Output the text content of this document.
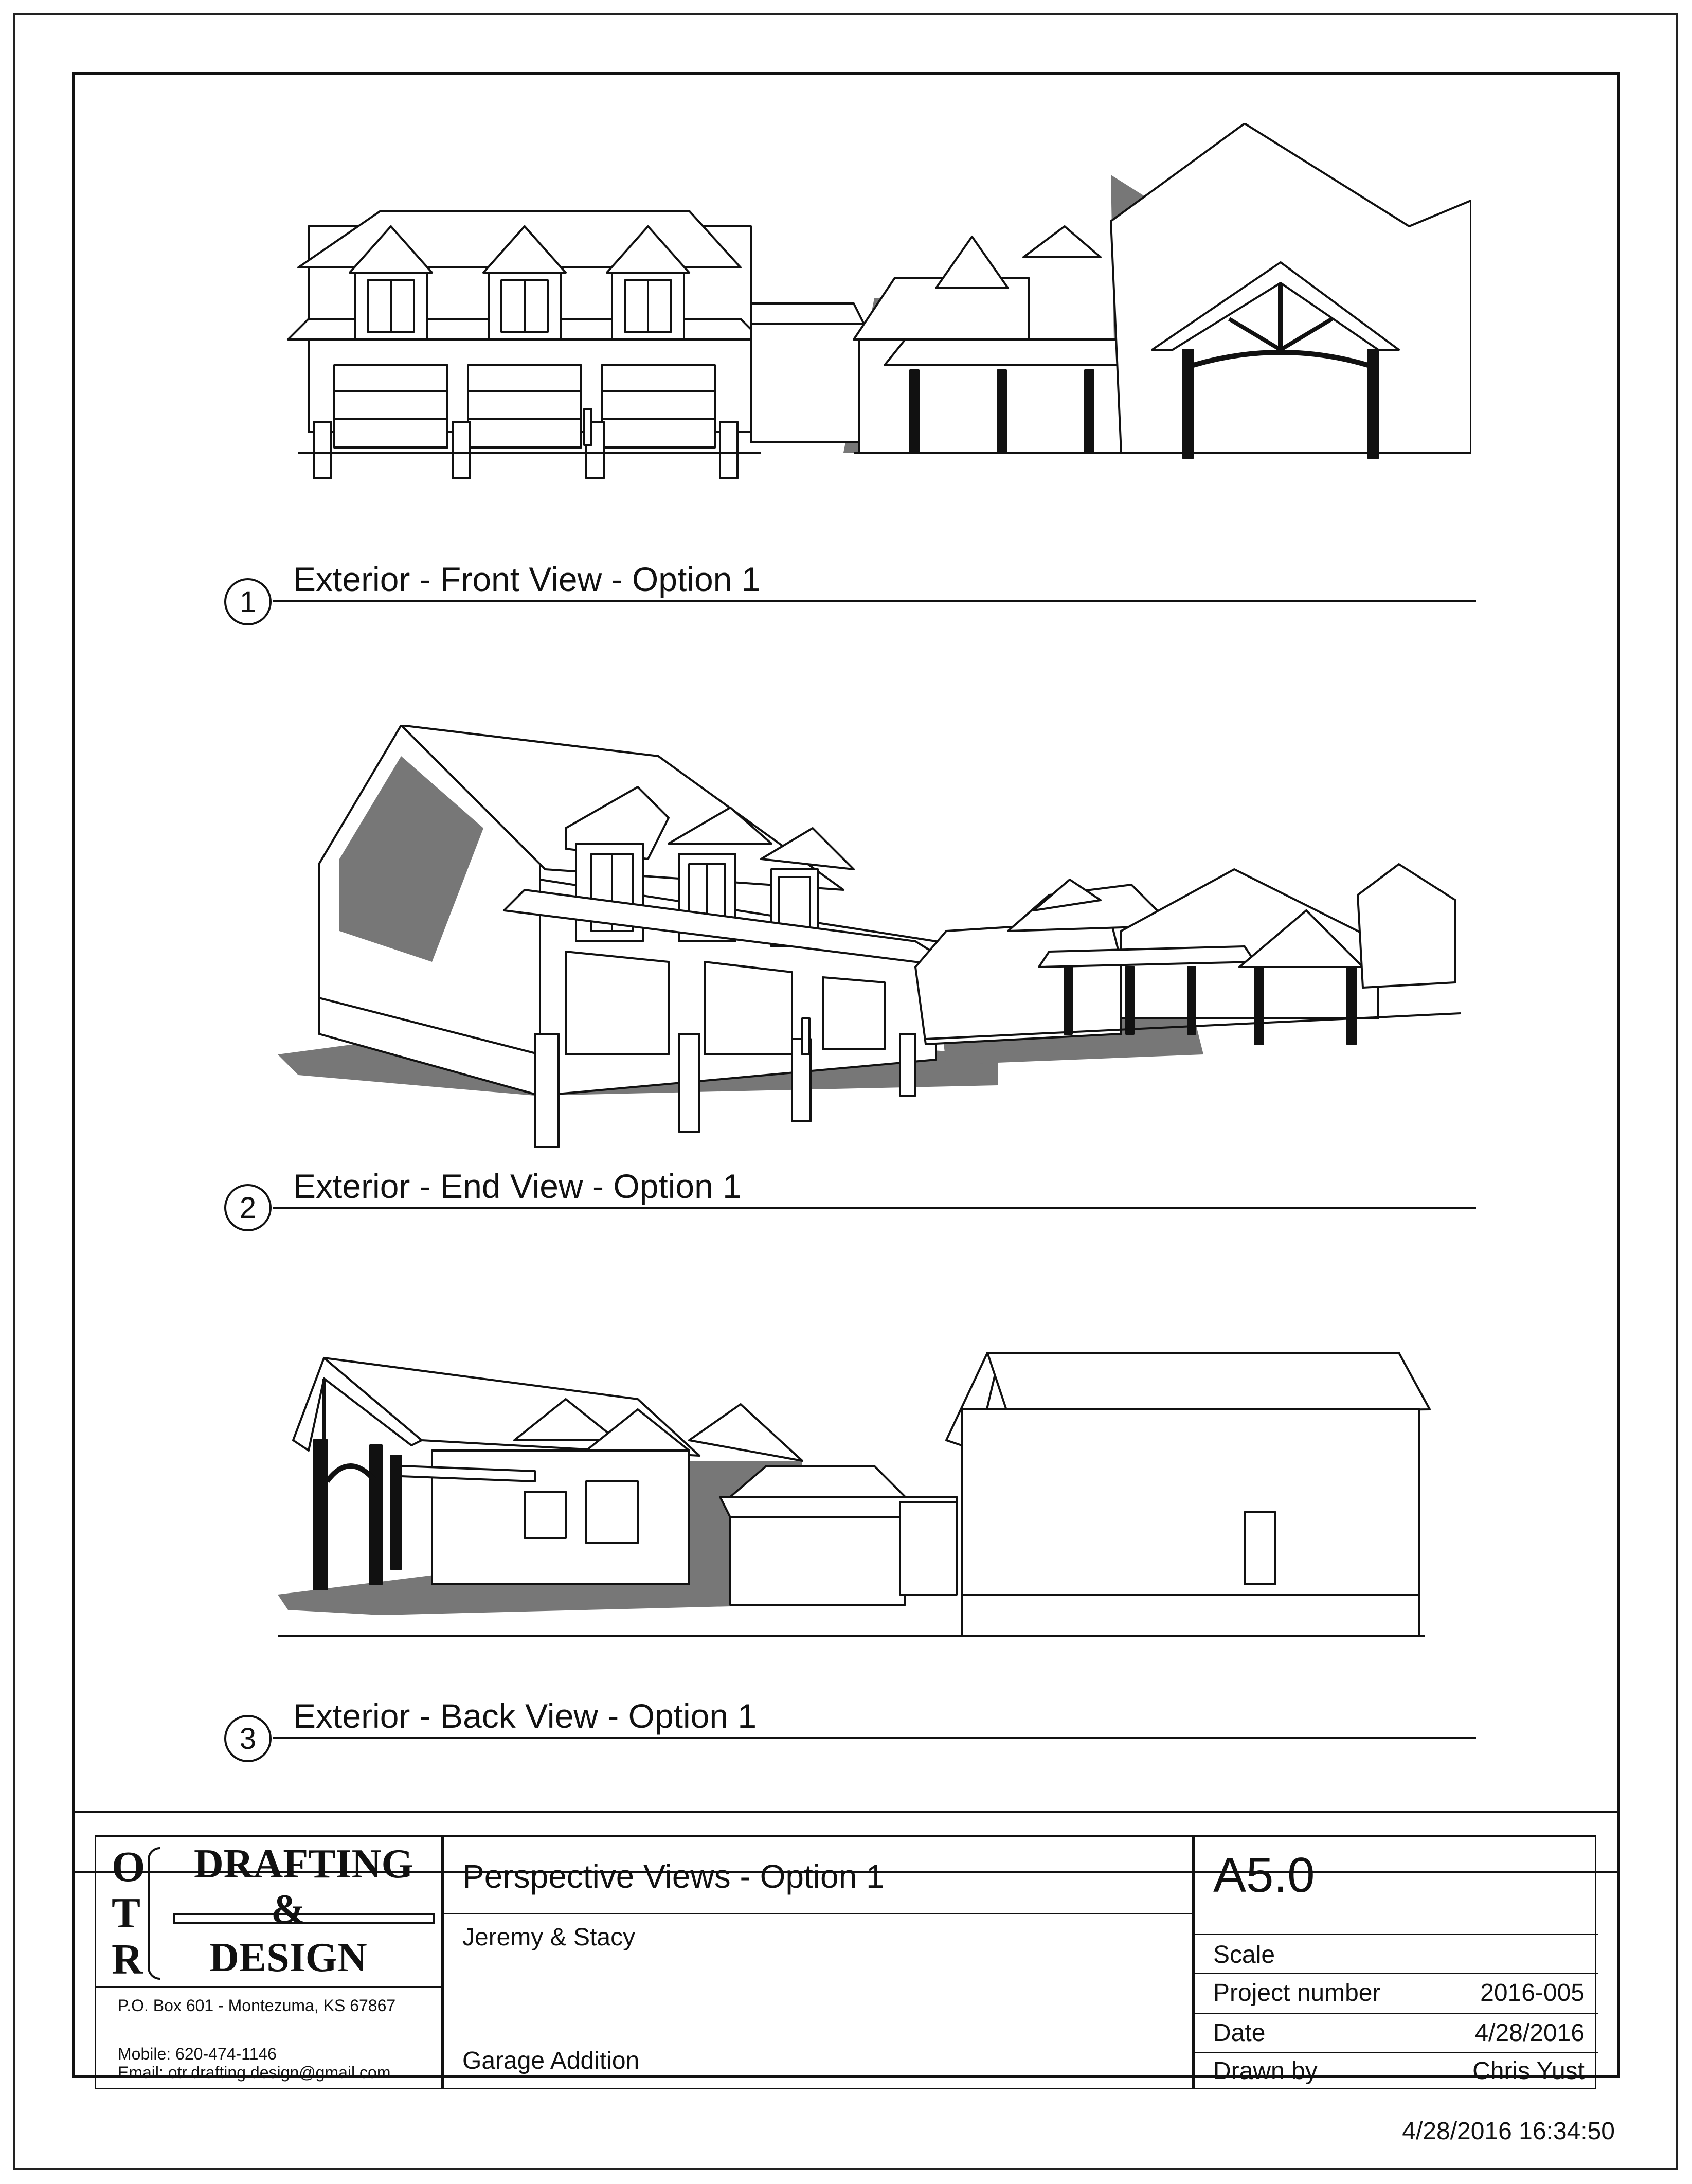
1
Exterior - Front View - Option 1
2
Exterior - End View - Option 1
3
Exterior - Back View - Option 1
O
T
R
DRAFTING
&
DESIGN
P.O. Box 601 - Montezuma, KS 67867
Mobile: 620-474-1146
Email: otr.drafting.design@gmail.com
Perspective Views - Option 1
Jeremy & Stacy
Garage Addition
A5.0
Scale
Project number	2016-005
Date	4/28/2016
Drawn by	Chris Yust
4/28/2016 16:34:50
